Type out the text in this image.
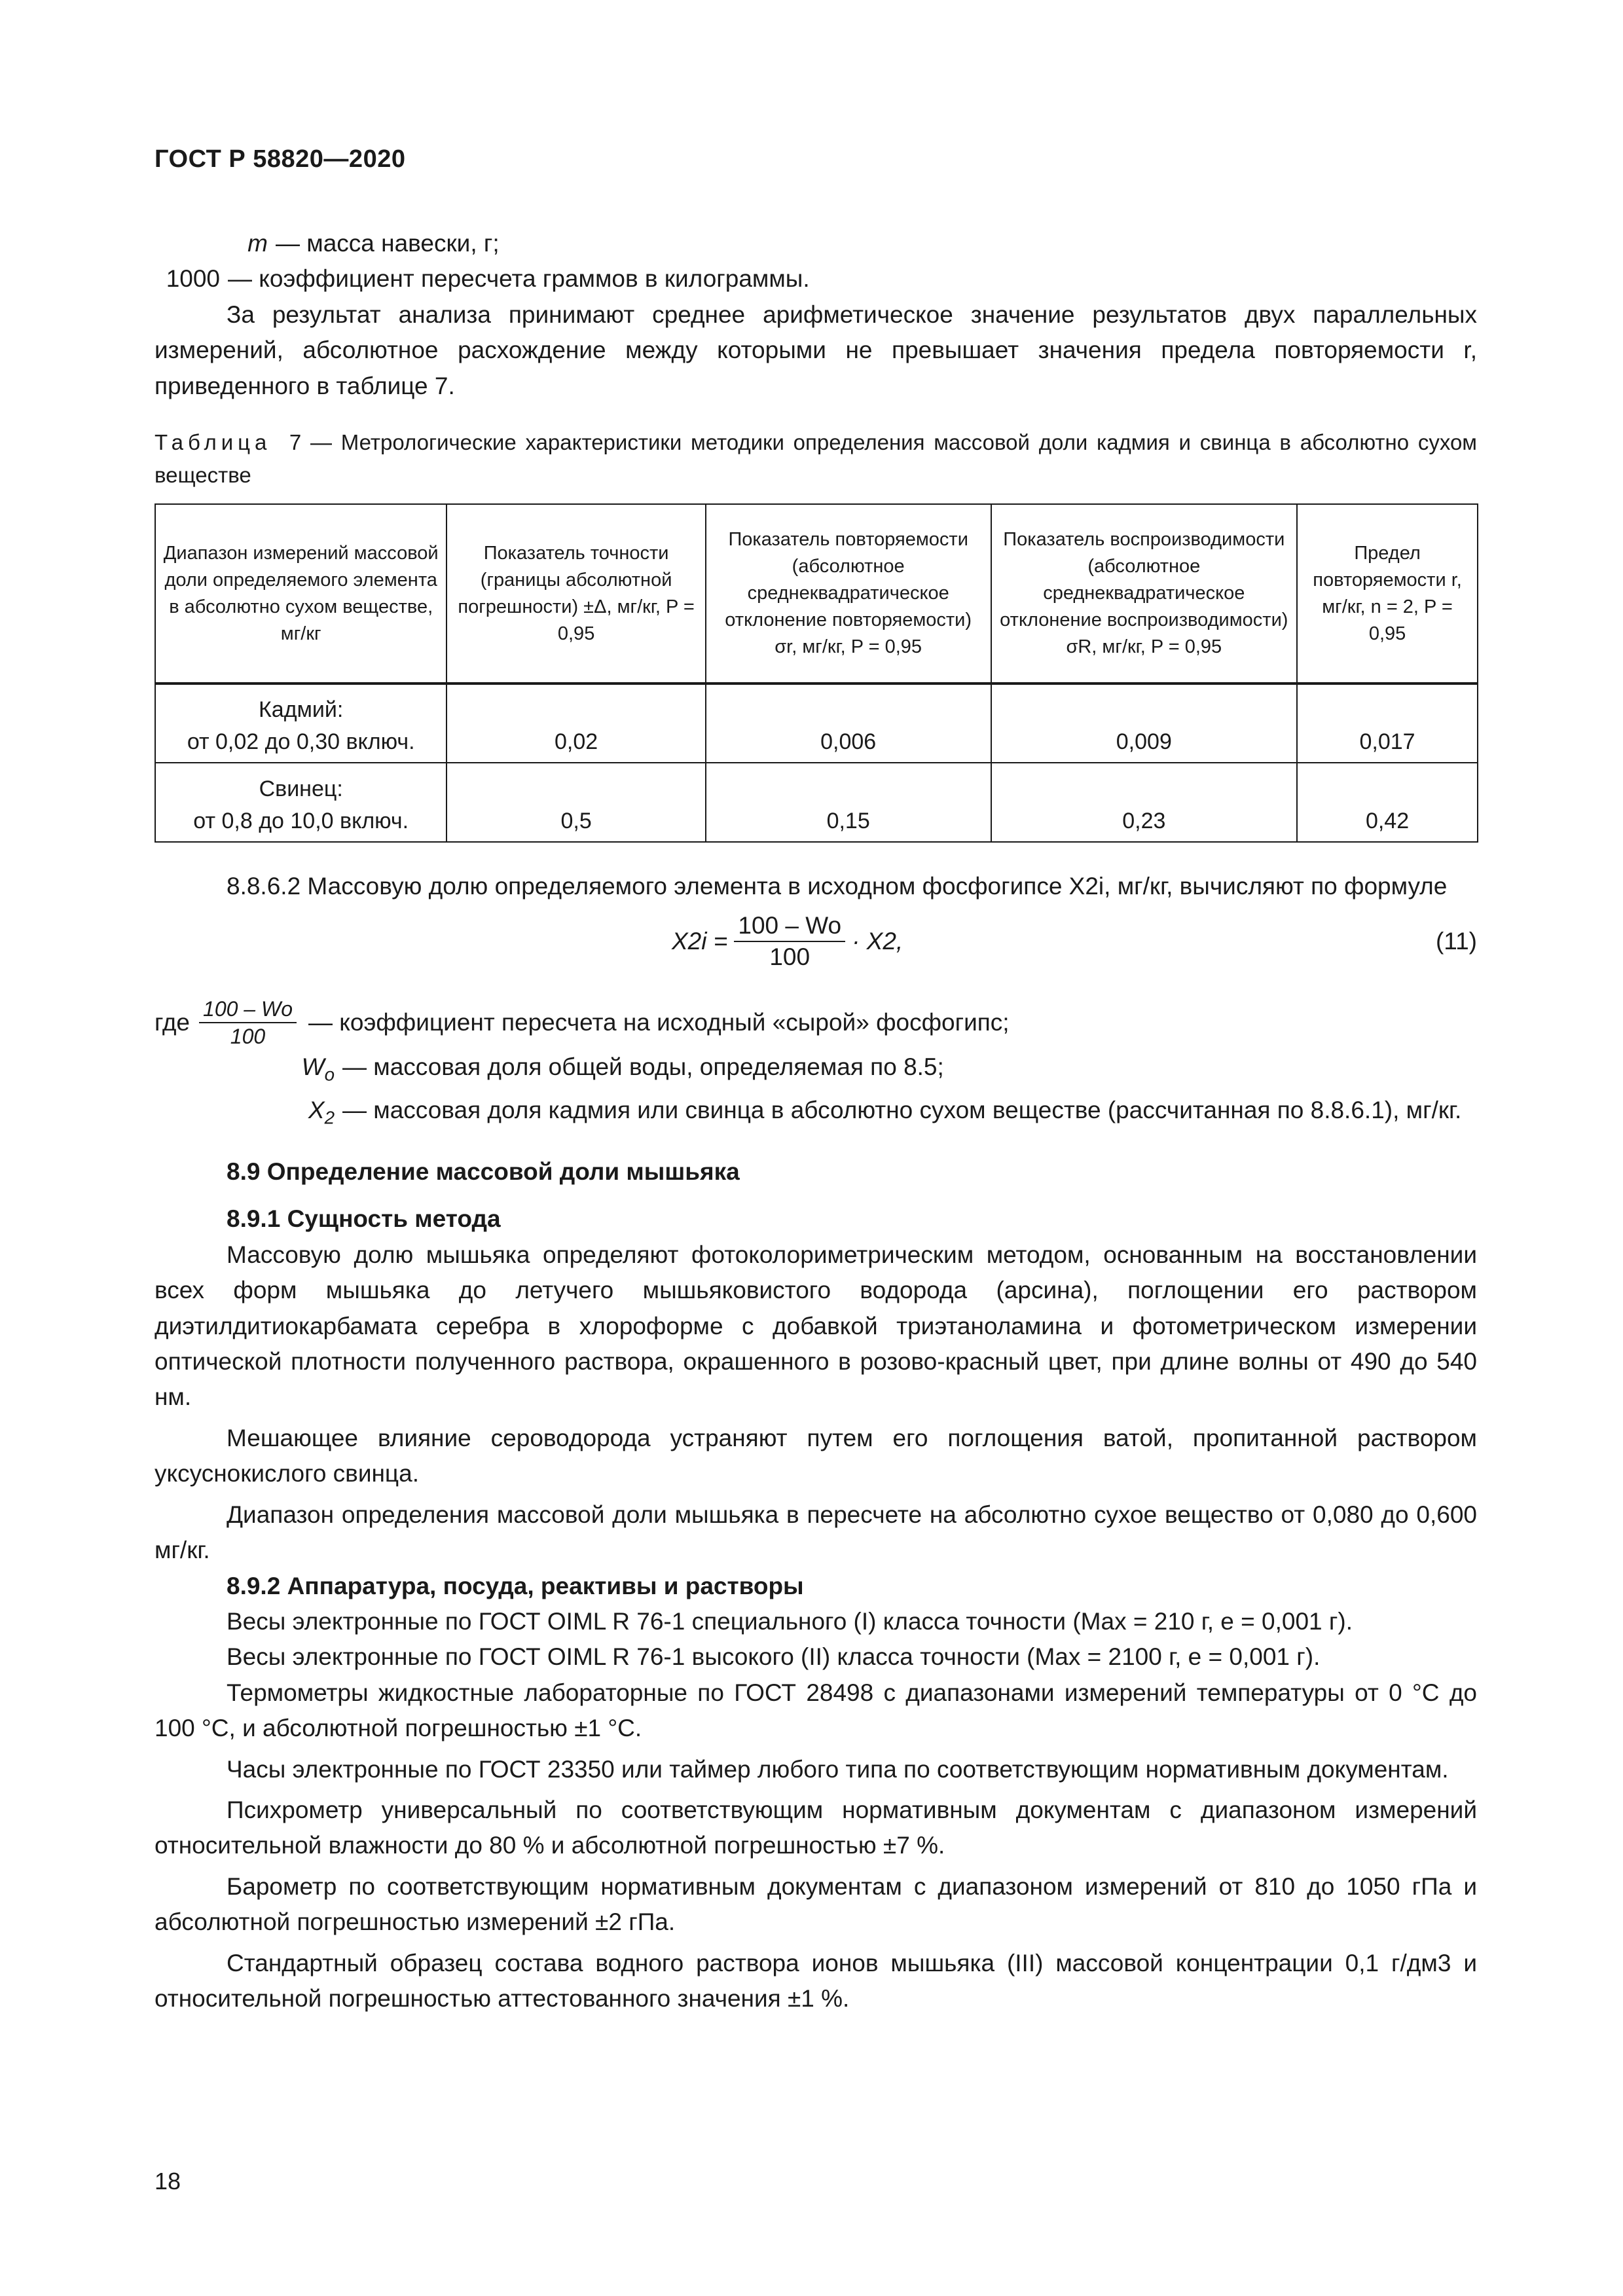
ГОСТ Р 58820—2020
m — масса навески, г;
1000 — коэффициент пересчета граммов в килограммы.

За результат анализа принимают среднее арифметическое значение результатов двух параллельных измерений, абсолютное расхождение между которыми не превышает значения предела повторяемости r, приведенного в таблице 7.

Таблица 7 — Метрологические характеристики методики определения массовой доли кадмия и свинца в абсолютно сухом веществе

Диапазон измерений массовой доли определяемого элемента в абсолютно сухом веществе, мг/кг	Показатель точности (границы абсолютной погрешности) ±Δ, мг/кг, P = 0,95	Показатель повторяемости (абсолютное среднеквадратическое отклонение повторяемости) σr, мг/кг, P = 0,95	Показатель воспроизводимости (абсолютное среднеквадратическое отклонение воспроизводимости) σR, мг/кг, P = 0,95	Предел повторяемости r, мг/кг, n = 2, P = 0,95

Кадмий:
от 0,02 до 0,30 включ.	0,02	0,006	0,009	0,017

Свинец:
от 0,8 до 10,0 включ.	0,5	0,15	0,23	0,42

8.8.6.2 Массовую долю определяемого элемента в исходном фосфогипсе X2i, мг/кг, вычисляют по формуле

$X2i = \frac{100 - Wo}{100} \cdot X2$,	(11)
где $\frac{100 - Wo}{100}$ — коэффициент пересчета на исходный «сырой» фосфогипс;
$W_o$ — массовая доля общей воды, определяемая по 8.5;
$X_2$ — массовая доля кадмия или свинца в абсолютно сухом веществе (рассчитанная по 8.8.6.1), мг/кг.

8.9 Определение массовой доли мышьяка

8.9.1 Сущность метода

Массовую долю мышьяка определяют фотоколориметрическим методом, основанным на восстановлении всех форм мышьяка до летучего мышьяковистого водорода (арсина), поглощении его раствором диэтилдитиокарбамата серебра в хлороформе с добавкой триэтаноламина и фотометрическом измерении оптической плотности полученного раствора, окрашенного в розово-красный цвет, при длине волны от 490 до 540 нм.

Мешающее влияние сероводорода устраняют путем его поглощения ватой, пропитанной раствором уксуснокислого свинца.

Диапазон определения массовой доли мышьяка в пересчете на абсолютно сухое вещество от 0,080 до 0,600 мг/кг.

8.9.2 Аппаратура, посуда, реактивы и растворы

Весы электронные по ГОСТ OIML R 76-1 специального (I) класса точности (Max = 210 г, e = 0,001 г).

Весы электронные по ГОСТ OIML R 76-1 высокого (II) класса точности (Max = 2100 г, e = 0,001 г).

Термометры жидкостные лабораторные по ГОСТ 28498 с диапазонами измерений температуры от 0 °С до 100 °С, и абсолютной погрешностью ±1 °С.

Часы электронные по ГОСТ 23350 или таймер любого типа по соответствующим нормативным документам.

Психрометр универсальный по соответствующим нормативным документам с диапазоном измерений относительной влажности до 80 % и абсолютной погрешностью ±7 %.

Барометр по соответствующим нормативным документам с диапазоном измерений от 810 до 1050 гПа и абсолютной погрешностью измерений ±2 гПа.

Стандартный образец состава водного раствора ионов мышьяка (III) массовой концентрации 0,1 г/дм3 и относительной погрешностью аттестованного значения ±1 %.

18
